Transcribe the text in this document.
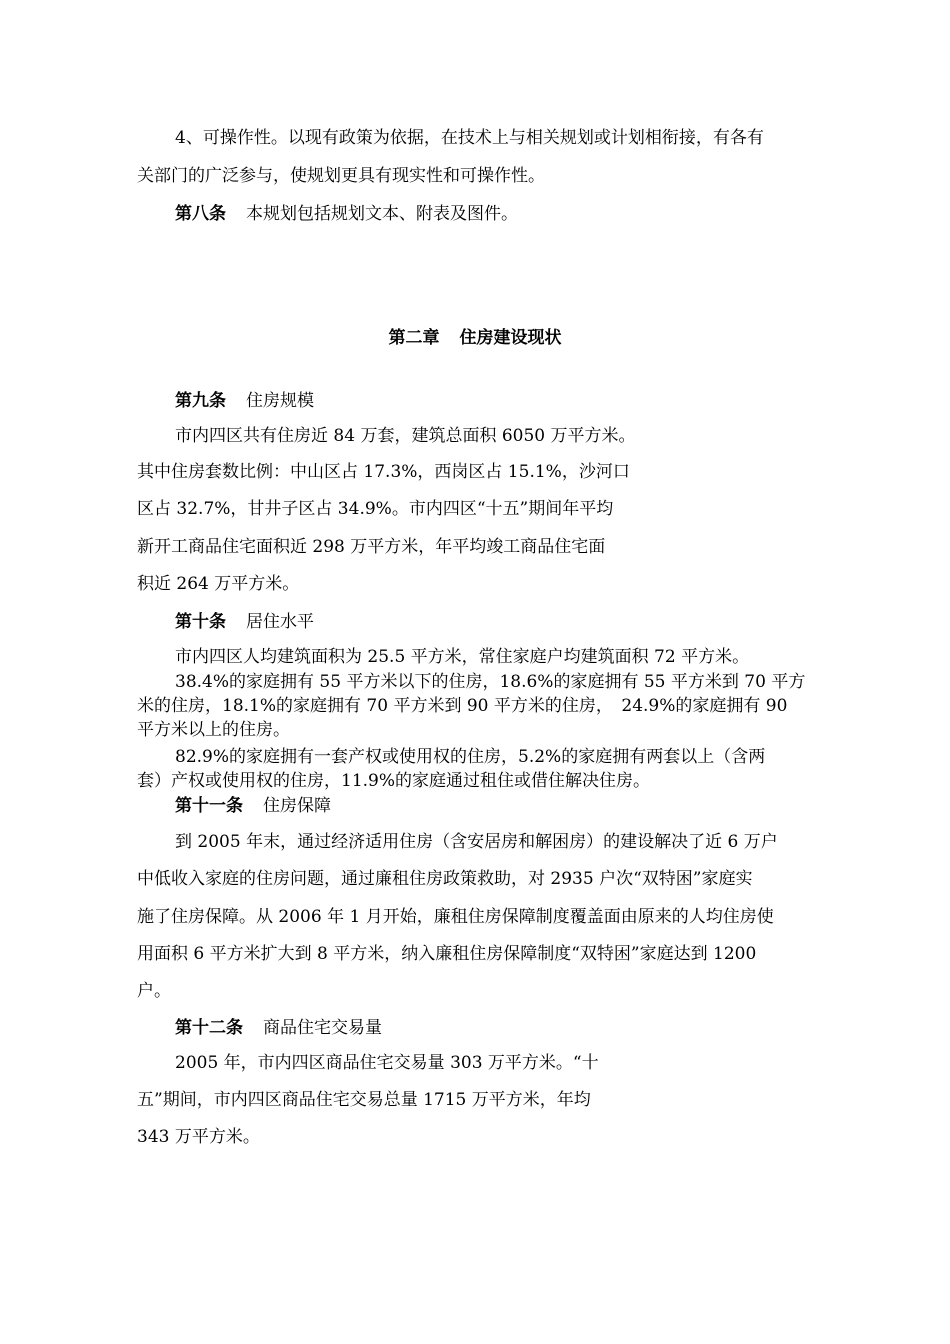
4、可操作性。以现有政策为依据，在技术上与相关规划或计划相衔接，有各有
关部门的广泛参与，使规划更具有现实性和可操作性。
第八条 本规划包括规划文本、附表及图件。
第二章 住房建设现状
第九条 住房规模
市内四区共有住房近 84 万套，建筑总面积 6050 万平方米。
其中住房套数比例：中山区占 17.3%，西岗区占 15.1%，沙河口
区占 32.7%，甘井子区占 34.9%。市内四区“十五”期间年平均
新开工商品住宅面积近 298 万平方米，年平均竣工商品住宅面
积近 264 万平方米。
第十条 居住水平
市内四区人均建筑面积为 25.5 平方米，常住家庭户均建筑面积 72 平方米。
38.4%的家庭拥有 55 平方米以下的住房，18.6%的家庭拥有 55 平方米到 70 平方
米的住房，18.1%的家庭拥有 70 平方米到 90 平方米的住房，　24.9%的家庭拥有 90
平方米以上的住房。
82.9%的家庭拥有一套产权或使用权的住房，5.2%的家庭拥有两套以上（含两
套）产权或使用权的住房，11.9%的家庭通过租住或借住解决住房。
第十一条 住房保障
到 2005 年末，通过经济适用住房（含安居房和解困房）的建设解决了近 6 万户
中低收入家庭的住房问题，通过廉租住房政策救助，对 2935 户次“双特困”家庭实
施了住房保障。从 2006 年 1 月开始，廉租住房保障制度覆盖面由原来的人均住房使
用面积 6 平方米扩大到 8 平方米，纳入廉租住房保障制度“双特困”家庭达到 1200
户。
第十二条 商品住宅交易量
2005 年，市内四区商品住宅交易量 303 万平方米。“十
五”期间，市内四区商品住宅交易总量 1715 万平方米，年均
343 万平方米。
